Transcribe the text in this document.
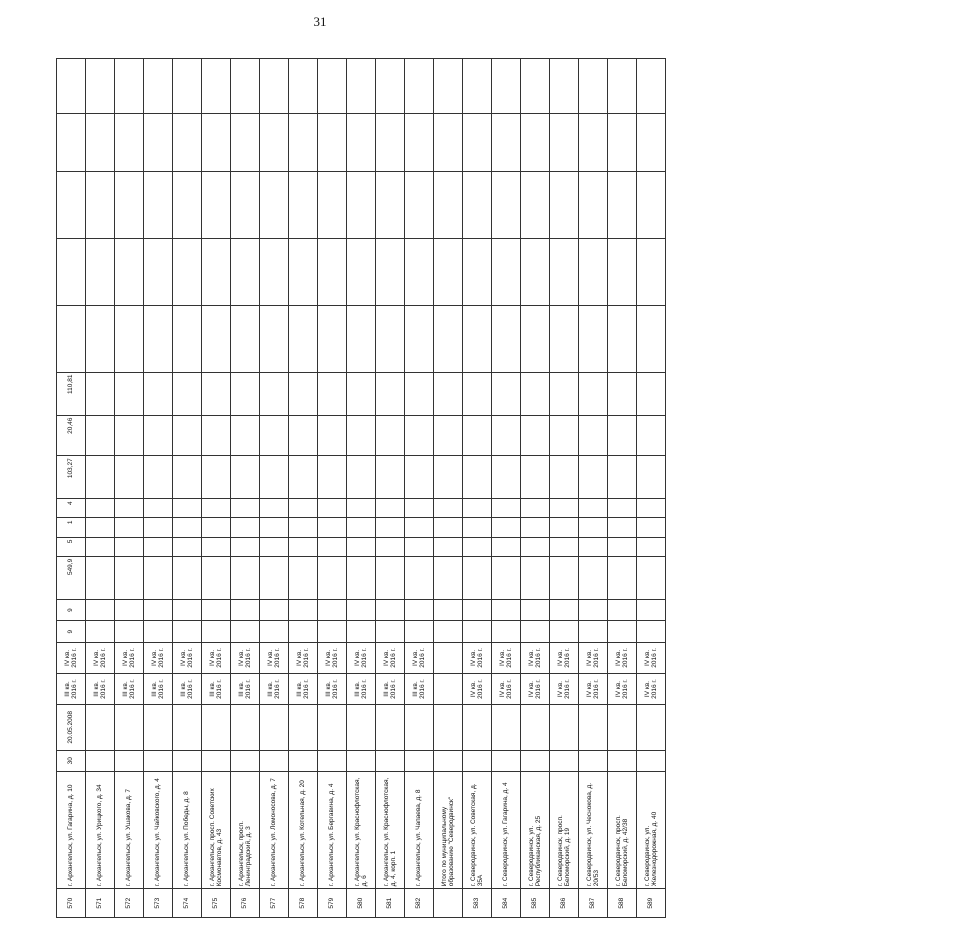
31
570	г. Архангельск, ул. Гагарина, д. 10	30	20.05.2008	III кв. 2016 г.	IV кв. 2016 г.	9	9	549,9	5	1	4	103,27	20,46	110,81					
571	г. Архангельск, ул. Урицкого, д. 34			III кв. 2016 г.	IV кв. 2016 г.														
572	г. Архангельск, ул. Ушакова, д. 7			III кв. 2016 г.	IV кв. 2016 г.														
573	г. Архангельск, ул. Чайковского, д. 4			III кв. 2016 г.	IV кв. 2016 г.														
574	г. Архангельск, ул. Победы, д. 8			III кв. 2016 г.	IV кв. 2016 г.														
575	г. Архангельск, просп. Советских Космонавтов, д. 43			III кв. 2016 г.	IV кв. 2016 г.														
576	г. Архангельск, просп. Ленинградский, д. 3			III кв. 2016 г.	IV кв. 2016 г.														
577	г. Архангельск, ул. Ломоносова, д. 7			III кв. 2016 г.	IV кв. 2016 г.														
578	г. Архангельск, ул. Котельная, д. 20			III кв. 2016 г.	IV кв. 2016 г.														
579	г. Архангельск, ул. Бергавина, д. 4			III кв. 2016 г.	IV кв. 2016 г.														
580	г. Архангельск, ул. Краснофлотская, д. 6			III кв. 2016 г.	IV кв. 2016 г.														
581	г. Архангельск, ул. Краснофлотская, д. 4, корп. 1			III кв. 2016 г.	IV кв. 2016 г.														
582	г. Архангельск, ул. Чапаева, д. 8			III кв. 2016 г.	IV кв. 2016 г.														
	Итого по муниципальному образованию "Северодвинск"																		
583	г. Северодвинск, ул. Советская, д. 35А			IV кв. 2016 г.	IV кв. 2016 г.														
584	г. Северодвинск, ул. Гагарина, д. 4			IV кв. 2016 г.	IV кв. 2016 г.														
585	г. Северодвинск, ул. Республиканская, д. 25			IV кв. 2016 г.	IV кв. 2016 г.														
586	г. Северодвинск, просп. Беломорский, д. 19			IV кв. 2016 г.	IV кв. 2016 г.														
587	г. Северодвинск, ул. Чеснокова, д. 20/53			IV кв. 2016 г.	IV кв. 2016 г.														
588	г. Северодвинск, просп. Беломорский, д. 42/38			IV кв. 2016 г.	IV кв. 2016 г.														
589	г. Северодвинск, ул. Железнодорожная, д. 40			IV кв. 2016 г.	IV кв. 2016 г.														
